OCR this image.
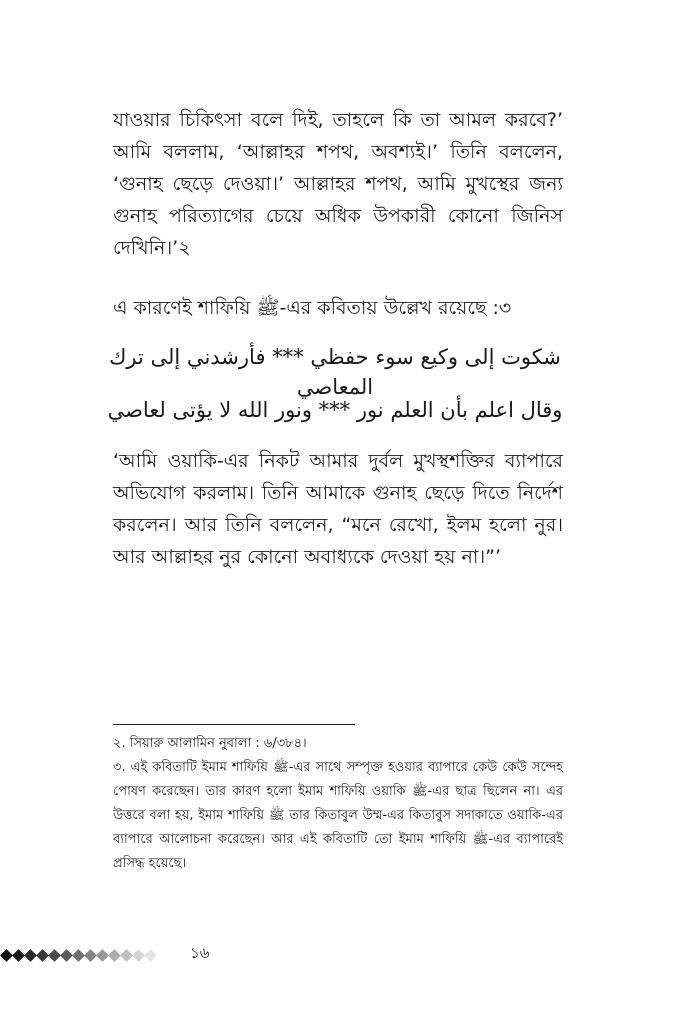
যাওয়ার চিকিৎসা বলে দিই, তাহলে কি তা আমল করবে?’ আমি বললাম, ‘আল্লাহর শপথ, অবশ্যই।’ তিনি বললেন, ‘গুনাহ ছেড়ে দেওয়া।’ আল্লাহর শপথ, আমি মুখস্থের জন্য গুনাহ পরিত্যাগের চেয়ে অধিক উপকারী কোনো জিনিস দেখিনি।’২

এ কারণেই শাফিয়ি ﷺ-এর কবিতায় উল্লেখ রয়েছে :৩

شكوت إلى وكيع سوء حفظي *** فأرشدني إلى ترك المعاصي

وقال اعلم بأن العلم نور *** ونور الله لا يؤتى لعاصي

‘আমি ওয়াকি-এর নিকট আমার দুর্বল মুখস্থশক্তির ব্যাপারে অভিযোগ করলাম। তিনি আমাকে গুনাহ ছেড়ে দিতে নির্দেশ করলেন। আর তিনি বললেন, “মনে রেখো, ইলম হলো নুর। আর আল্লাহর নুর কোনো অবাধ্যকে দেওয়া হয় না।”’

২. সিয়ারু আলামিন নুবালা : ৬/৩৮৪।

৩. এই কবিতাটি ইমাম শাফিয়ি ﷺ-এর সাথে সম্পৃক্ত হওয়ার ব্যাপারে কেউ কেউ সন্দেহ পোষণ করেছেন। তার কারণ হলো ইমাম শাফিয়ি ওয়াকি ﷺ-এর ছাত্র ছিলেন না। এর উত্তরে বলা হয়, ইমাম শাফিয়ি ﷺ তার কিতাবুল উম্ম-এর কিতাবুস সদাকাতে ওয়াকি-এর ব্যাপারে আলোচনা করেছেন। আর এই কবিতাটি তো ইমাম শাফিয়ি ﷺ-এর ব্যাপারেই প্রসিদ্ধ হয়েছে।

১৬
